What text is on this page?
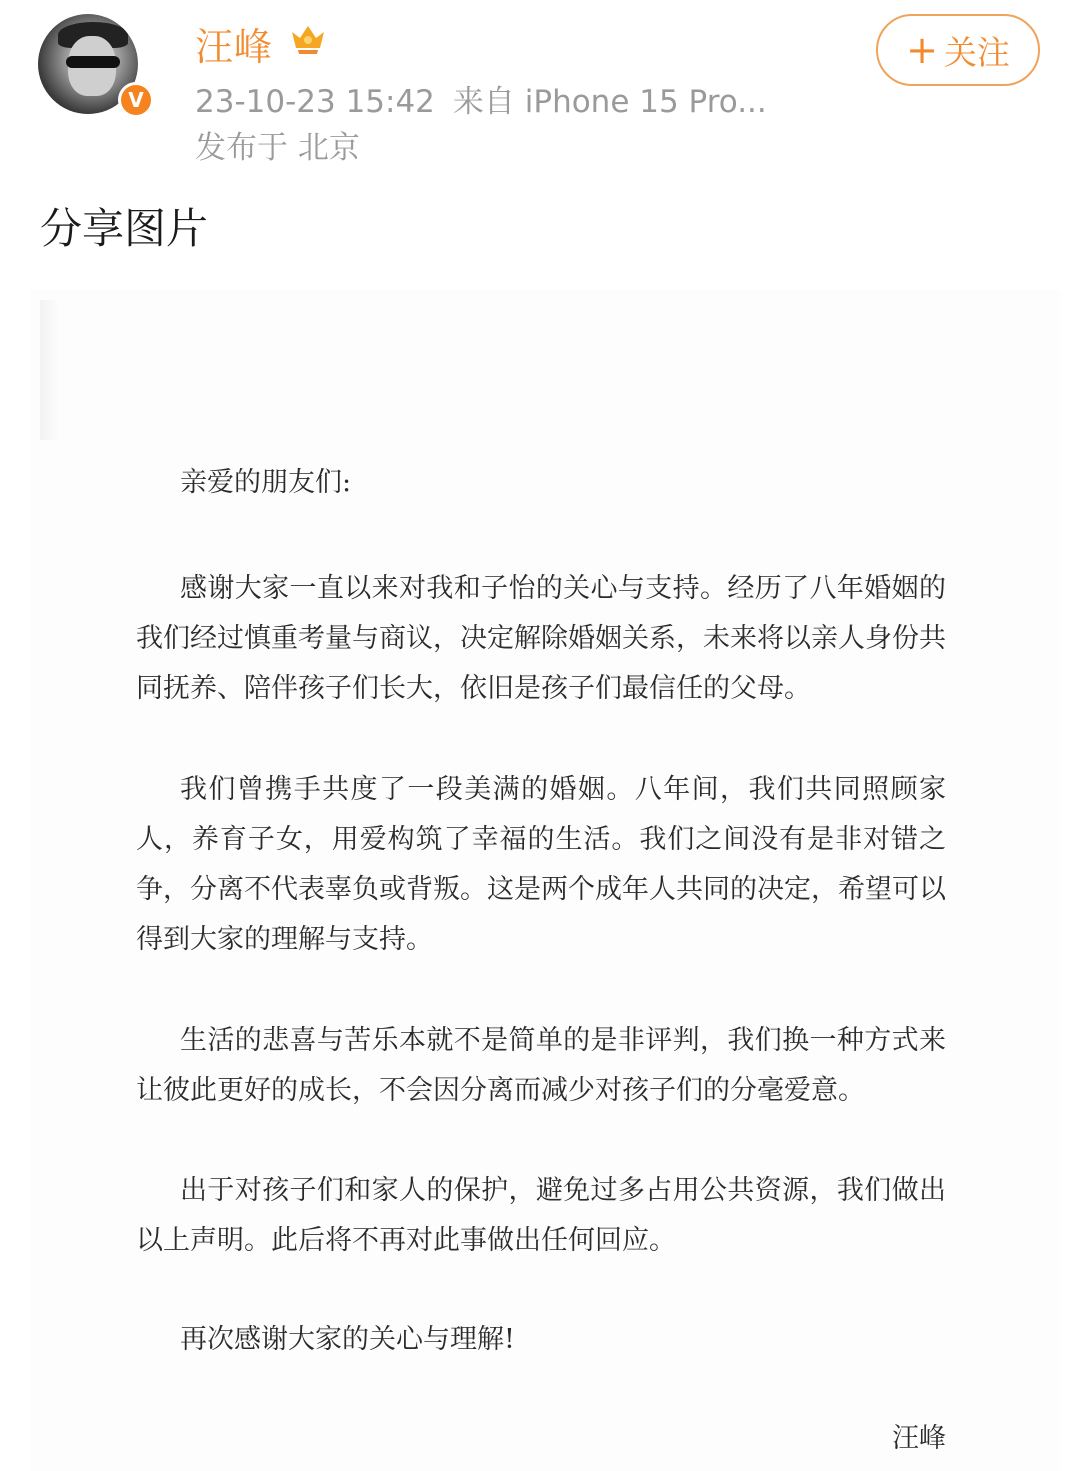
V
汪峰
23-10-23 15:42 来自 iPhone 15 Pro...
发布于 北京
+ 关注
分享图片
亲爱的朋友们:
感谢大家一直以来对我和子怡的关心与支持。经历了八年婚姻的我们经过慎重考量与商议，决定解除婚姻关系，未来将以亲人身份共同抚养、陪伴孩子们长大，依旧是孩子们最信任的父母。
我们曾携手共度了一段美满的婚姻。八年间，我们共同照顾家人，养育子女，用爱构筑了幸福的生活。我们之间没有是非对错之争，分离不代表辜负或背叛。这是两个成年人共同的决定，希望可以得到大家的理解与支持。
生活的悲喜与苦乐本就不是简单的是非评判，我们换一种方式来让彼此更好的成长，不会因分离而减少对孩子们的分毫爱意。
出于对孩子们和家人的保护，避免过多占用公共资源，我们做出以上声明。此后将不再对此事做出任何回应。
再次感谢大家的关心与理解!
汪峰
